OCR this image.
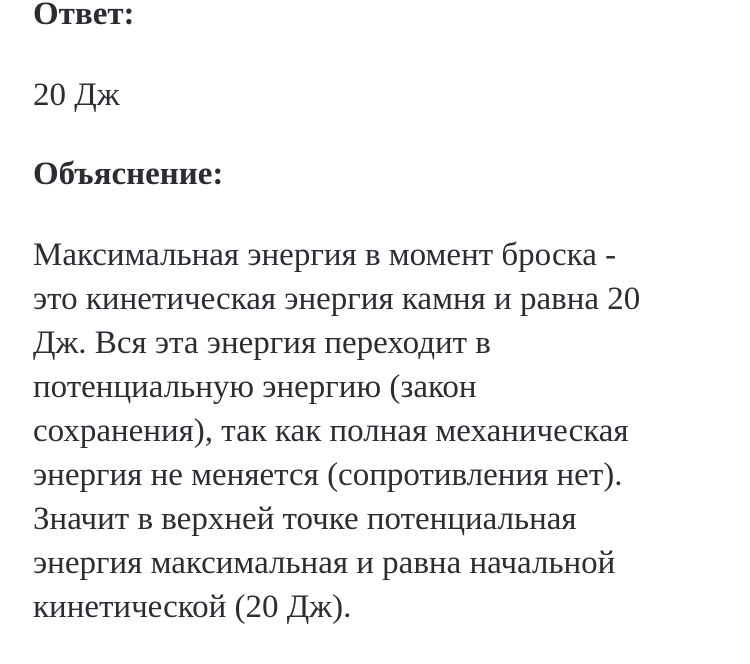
Ответ:
20 Дж
Объяснение:

Максимальная энергия в момент броска -
это кинетическая энергия камня и равна 20
Дж. Вся эта энергия переходит в
потенциальную энергию (закон
сохранения), так как полная механическая
энергия не меняется (сопротивления нет).
Значит в верхней точке потенциальная
энергия максимальная и равна начальной
кинетической (20 Дж).
